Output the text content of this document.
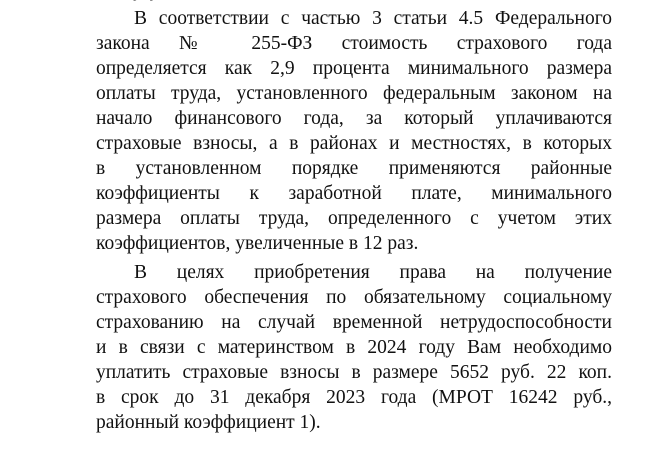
В соответствии с частью 3 статьи 4.5 Федерального
закона № 255-ФЗ стоимость страхового года
определяется как 2,9 процента минимального размера
оплаты труда, установленного федеральным законом на
начало финансового года, за который уплачиваются
страховые взносы, а в районах и местностях, в которых
в установленном порядке применяются районные
коэффициенты к заработной плате, минимального
размера оплаты труда, определенного с учетом этих
коэффициентов, увеличенные в 12 раз.
В целях приобретения права на получение
страхового обеспечения по обязательному социальному
страхованию на случай временной нетрудоспособности
и в связи с материнством в 2024 году Вам необходимо
уплатить страховые взносы в размере 5652 руб. 22 коп.
в срок до 31 декабря 2023 года (МРОТ 16242 руб.,
районный коэффициент 1).
